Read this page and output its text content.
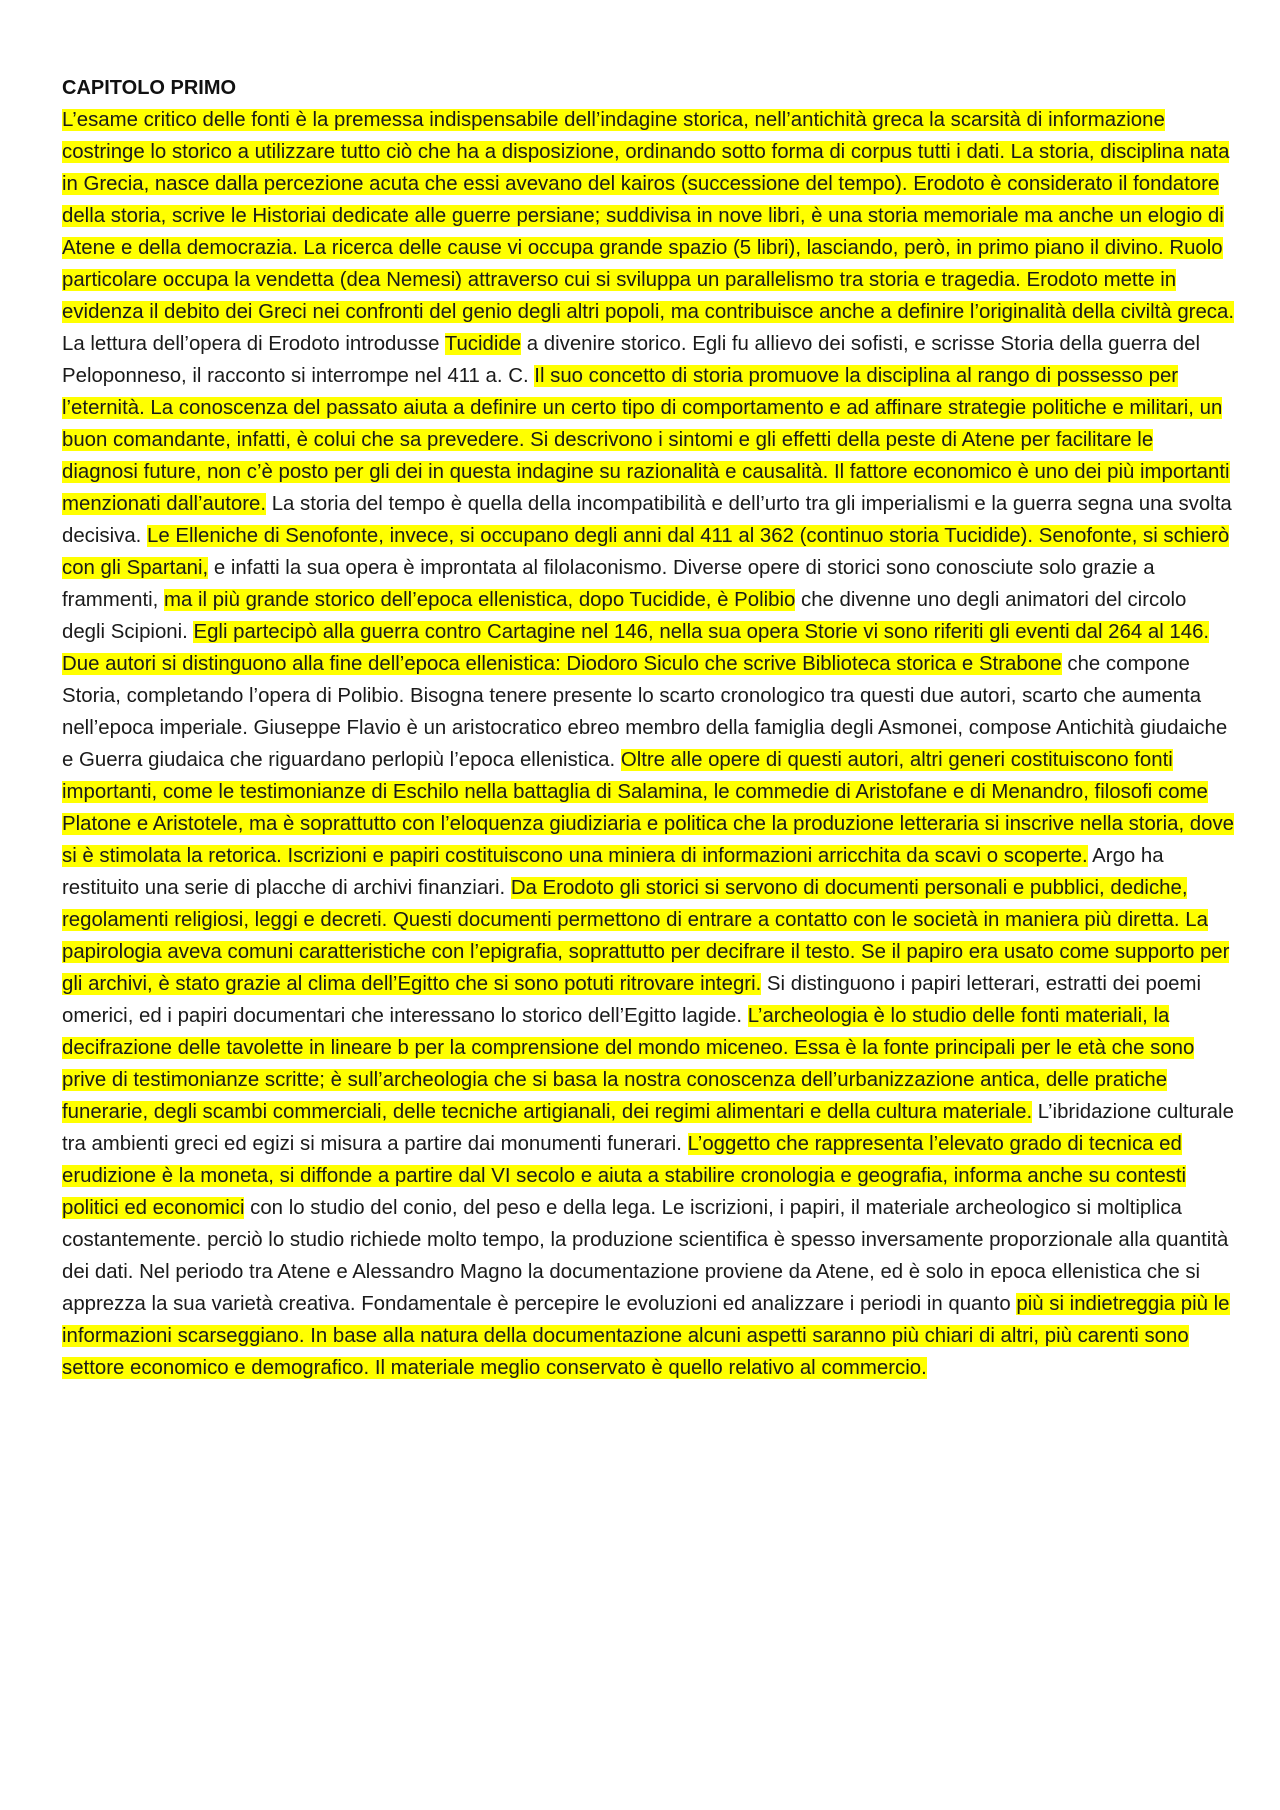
CAPITOLO PRIMO

L’esame critico delle fonti è la premessa indispensabile dell’indagine storica, nell’antichità greca la scarsità di informazione costringe lo storico a utilizzare tutto ciò che ha a disposizione, ordinando sotto forma di corpus tutti i dati. La storia, disciplina nata in Grecia, nasce dalla percezione acuta che essi avevano del kairos (successione del tempo). Erodoto è considerato il fondatore della storia, scrive le Historiai dedicate alle guerre persiane; suddivisa in nove libri, è una storia memoriale ma anche un elogio di Atene e della democrazia. La ricerca delle cause vi occupa grande spazio (5 libri), lasciando, però, in primo piano il divino. Ruolo particolare occupa la vendetta (dea Nemesi) attraverso cui si sviluppa un parallelismo tra storia e tragedia. Erodoto mette in evidenza il debito dei Greci nei confronti del genio degli altri popoli, ma contribuisce anche a definire l’originalità della civiltà greca. La lettura dell’opera di Erodoto introdusse Tucidide a divenire storico. Egli fu allievo dei sofisti, e scrisse Storia della guerra del Peloponneso, il racconto si interrompe nel 411 a. C. Il suo concetto di storia promuove la disciplina al rango di possesso per l’eternità. La conoscenza del passato aiuta a definire un certo tipo di comportamento e ad affinare strategie politiche e militari, un buon comandante, infatti, è colui che sa prevedere. Si descrivono i sintomi e gli effetti della peste di Atene per facilitare le diagnosi future, non c’è posto per gli dei in questa indagine su razionalità e causalità. Il fattore economico è uno dei più importanti menzionati dall’autore. La storia del tempo è quella della incompatibilità e dell’urto tra gli imperialismi e la guerra segna una svolta decisiva. Le Elleniche di Senofonte, invece, si occupano degli anni dal 411 al 362 (continuo storia Tucidide). Senofonte, si schierò con gli Spartani, e infatti la sua opera è improntata al filolaconismo. Diverse opere di storici sono conosciute solo grazie a frammenti, ma il più grande storico dell’epoca ellenistica, dopo Tucidide, è Polibio che divenne uno degli animatori del circolo degli Scipioni. Egli partecipò alla guerra contro Cartagine nel 146, nella sua opera Storie vi sono riferiti gli eventi dal 264 al 146. Due autori si distinguono alla fine dell’epoca ellenistica: Diodoro Siculo che scrive Biblioteca storica e Strabone che compone Storia, completando l’opera di Polibio. Bisogna tenere presente lo scarto cronologico tra questi due autori, scarto che aumenta nell’epoca imperiale. Giuseppe Flavio è un aristocratico ebreo membro della famiglia degli Asmonei, compose Antichità giudaiche e Guerra giudaica che riguardano perlopiù l’epoca ellenistica. Oltre alle opere di questi autori, altri generi costituiscono fonti importanti, come le testimonianze di Eschilo nella battaglia di Salamina, le commedie di Aristofane e di Menandro, filosofi come Platone e Aristotele, ma è soprattutto con l’eloquenza giudiziaria e politica che la produzione letteraria si inscrive nella storia, dove si è stimolata la retorica. Iscrizioni e papiri costituiscono una miniera di informazioni arricchita da scavi o scoperte. Argo ha restituito una serie di placche di archivi finanziari. Da Erodoto gli storici si servono di documenti personali e pubblici, dediche, regolamenti religiosi, leggi e decreti. Questi documenti permettono di entrare a contatto con le società in maniera più diretta. La papirologia aveva comuni caratteristiche con l’epigrafia, soprattutto per decifrare il testo. Se il papiro era usato come supporto per gli archivi, è stato grazie al clima dell’Egitto che si sono potuti ritrovare integri. Si distinguono i papiri letterari, estratti dei poemi omerici, ed i papiri documentari che interessano lo storico dell’Egitto lagide. L’archeologia è lo studio delle fonti materiali, la decifrazione delle tavolette in lineare b per la comprensione del mondo miceneo. Essa è la fonte principali per le età che sono prive di testimonianze scritte; è sull’archeologia che si basa la nostra conoscenza dell’urbanizzazione antica, delle pratiche funerarie, degli scambi commerciali, delle tecniche artigianali, dei regimi alimentari e della cultura materiale. L’ibridazione culturale tra ambienti greci ed egizi si misura a partire dai monumenti funerari. L’oggetto che rappresenta l’elevato grado di tecnica ed erudizione è la moneta, si diffonde a partire dal VI secolo e aiuta a stabilire cronologia e geografia, informa anche su contesti politici ed economici con lo studio del conio, del peso e della lega. Le iscrizioni, i papiri, il materiale archeologico si moltiplica costantemente. perciò lo studio richiede molto tempo, la produzione scientifica è spesso inversamente proporzionale alla quantità dei dati. Nel periodo tra Atene e Alessandro Magno la documentazione proviene da Atene, ed è solo in epoca ellenistica che si apprezza la sua varietà creativa. Fondamentale è percepire le evoluzioni ed analizzare i periodi in quanto più si indietreggia più le informazioni scarseggiano. In base alla natura della documentazione alcuni aspetti saranno più chiari di altri, più carenti sono settore economico e demografico. Il materiale meglio conservato è quello relativo al commercio.
